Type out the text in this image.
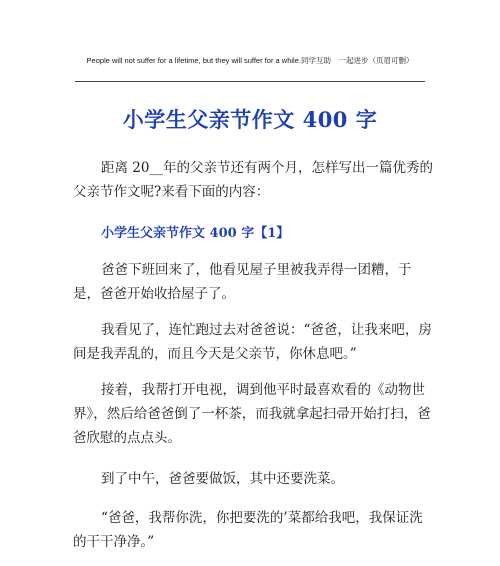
People will not suffer for a lifetime, but they will suffer for a while.同学互助　一起进步（页眉可删）
小学生父亲节作文 400 字
距离 20__年的父亲节还有两个月，怎样写出一篇优秀的父亲节作文呢?来看下面的内容：
小学生父亲节作文 400 字【1】
爸爸下班回来了，他看见屋子里被我弄得一团糟，于是，爸爸开始收拾屋子了。
我看见了，连忙跑过去对爸爸说：“爸爸，让我来吧，房间是我弄乱的，而且今天是父亲节，你休息吧。”
接着，我帮打开电视，调到他平时最喜欢看的《动物世界》，然后给爸爸倒了一杯茶，而我就拿起扫帚开始打扫，爸爸欣慰的点点头。
到了中午，爸爸要做饭，其中还要洗菜。
“爸爸，我帮你洗，你把要洗的’菜都给我吧，我保证洗的干干净净。”
